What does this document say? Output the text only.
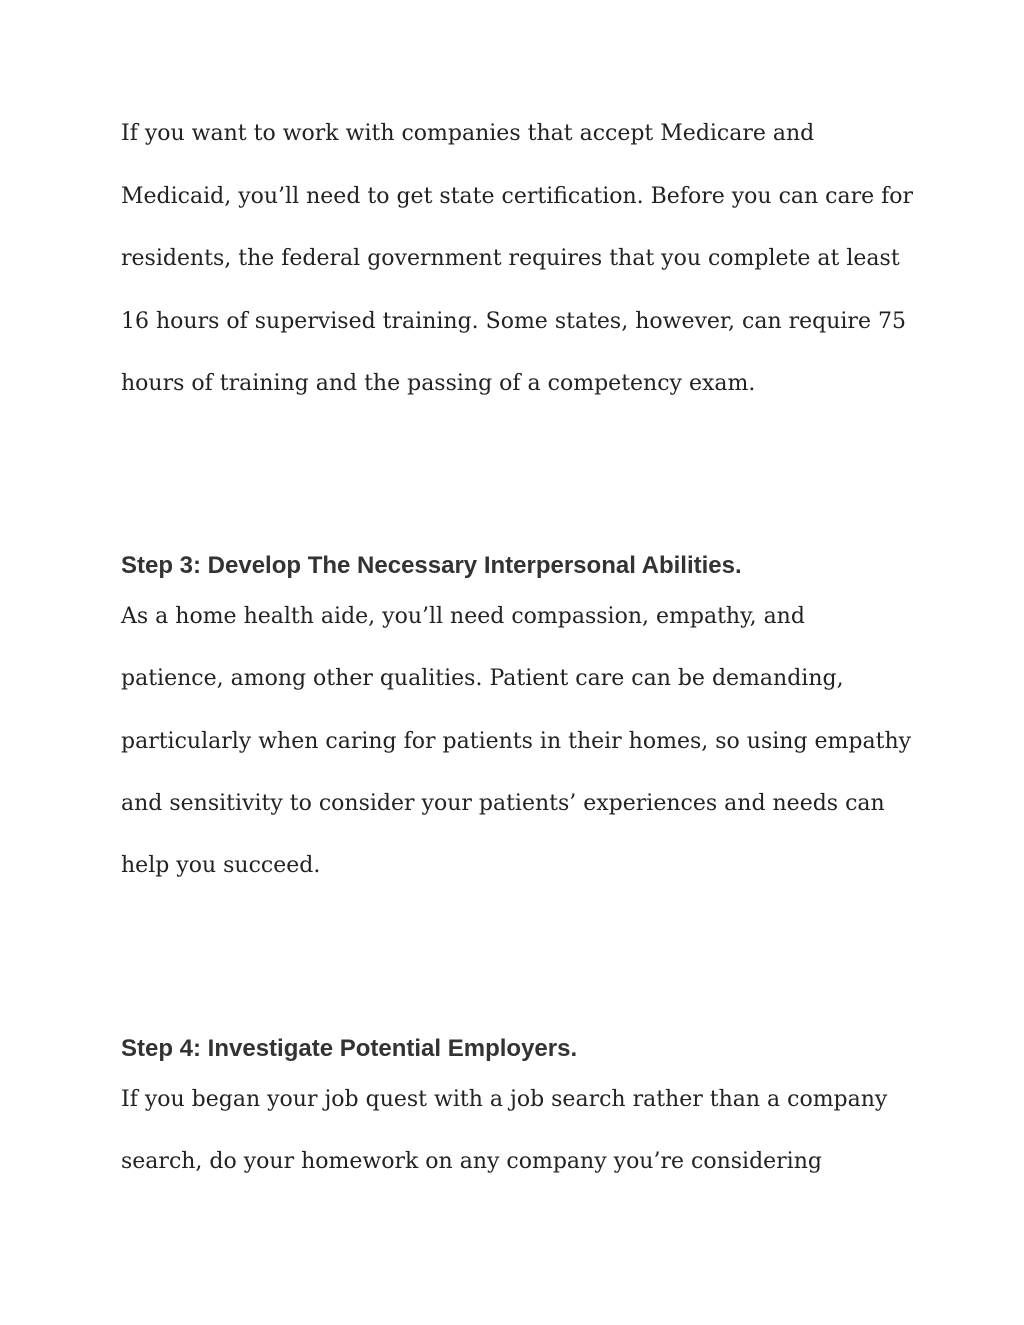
If you want to work with companies that accept Medicare and

Medicaid, you’ll need to get state certification. Before you can care for

residents, the federal government requires that you complete at least

16 hours of supervised training. Some states, however, can require 75

hours of training and the passing of a competency exam.

Step 3: Develop The Necessary Interpersonal Abilities.

As a home health aide, you’ll need compassion, empathy, and

patience, among other qualities. Patient care can be demanding,

particularly when caring for patients in their homes, so using empathy

and sensitivity to consider your patients’ experiences and needs can

help you succeed.

Step 4: Investigate Potential Employers.

If you began your job quest with a job search rather than a company

search, do your homework on any company you’re considering
